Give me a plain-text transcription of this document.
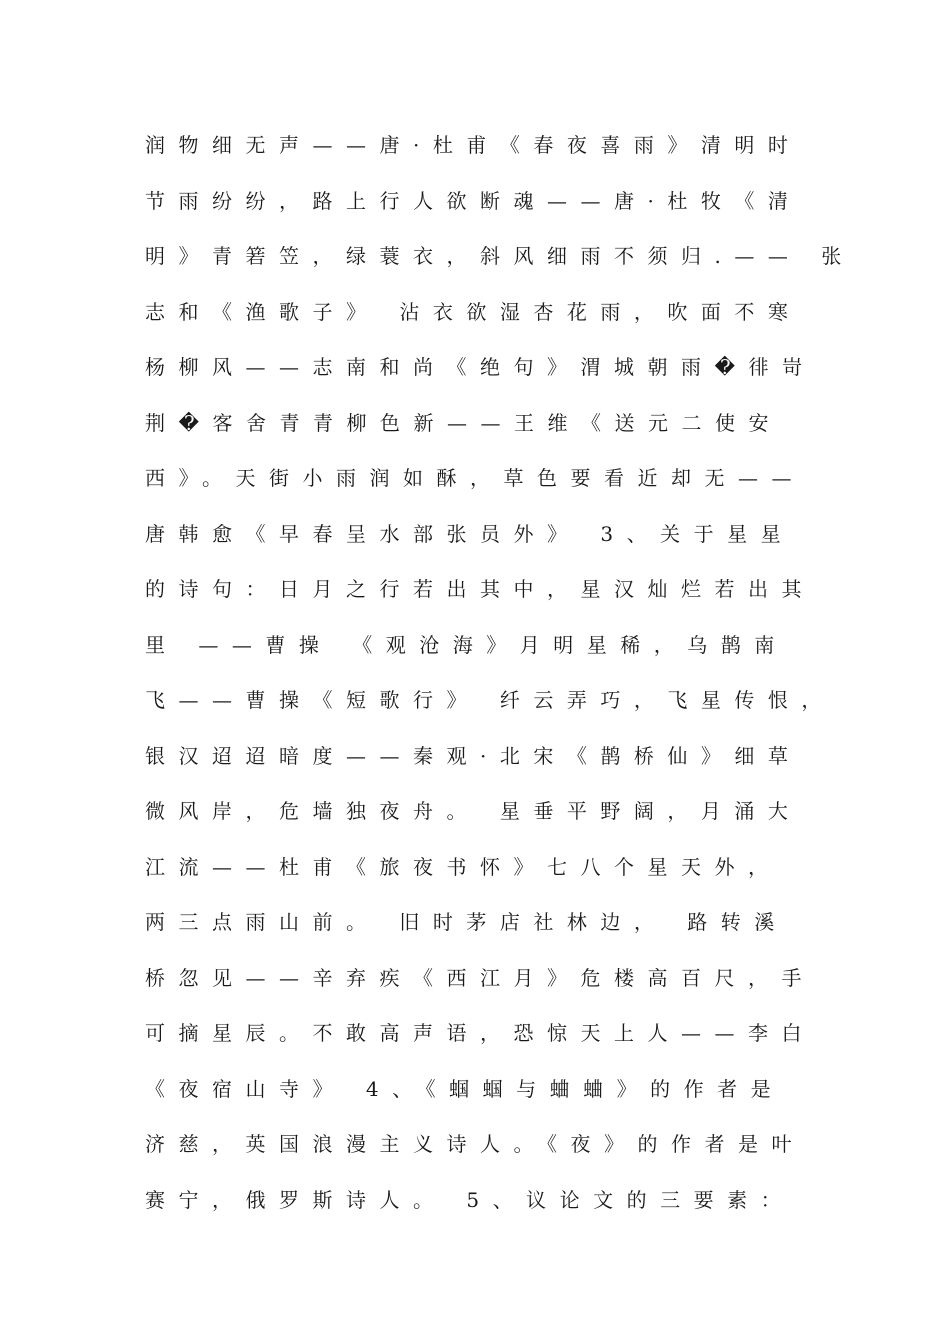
润物细无声——唐·杜甫《春夜喜雨》清明时
节雨纷纷，路上行人欲断魂——唐·杜牧《清
明》青箬笠，绿蓑衣，斜风细雨不须归.—— 张
志和《渔歌子》 沾衣欲湿杏花雨，吹面不寒
杨柳风——志南和尚《绝句》渭城朝雨�徘岢
荆�客舍青青柳色新——王维《送元二使安
西》。天街小雨润如酥，草色要看近却无——
唐韩愈《早春呈水部张员外》 3、关于星星
的诗句：日月之行若出其中，星汉灿烂若出其
里 ——曹操 《观沧海》月明星稀，乌鹊南
飞——曹操《短歌行》 纤云弄巧，飞星传恨，
银汉迢迢暗度——秦观·北宋《鹊桥仙》细草
微风岸，危墙独夜舟。 星垂平野阔，月涌大
江流——杜甫《旅夜书怀》七八个星天外，
两三点雨山前。 旧时茅店社林边， 路转溪
桥忽见——辛弃疾《西江月》危楼高百尺，手
可摘星辰。不敢高声语，恐惊天上人——李白
《夜宿山寺》 4、《蝈蝈与蛐蛐》的作者是
济慈，英国浪漫主义诗人。《夜》的作者是叶
赛宁，俄罗斯诗人。 5、议论文的三要素：
